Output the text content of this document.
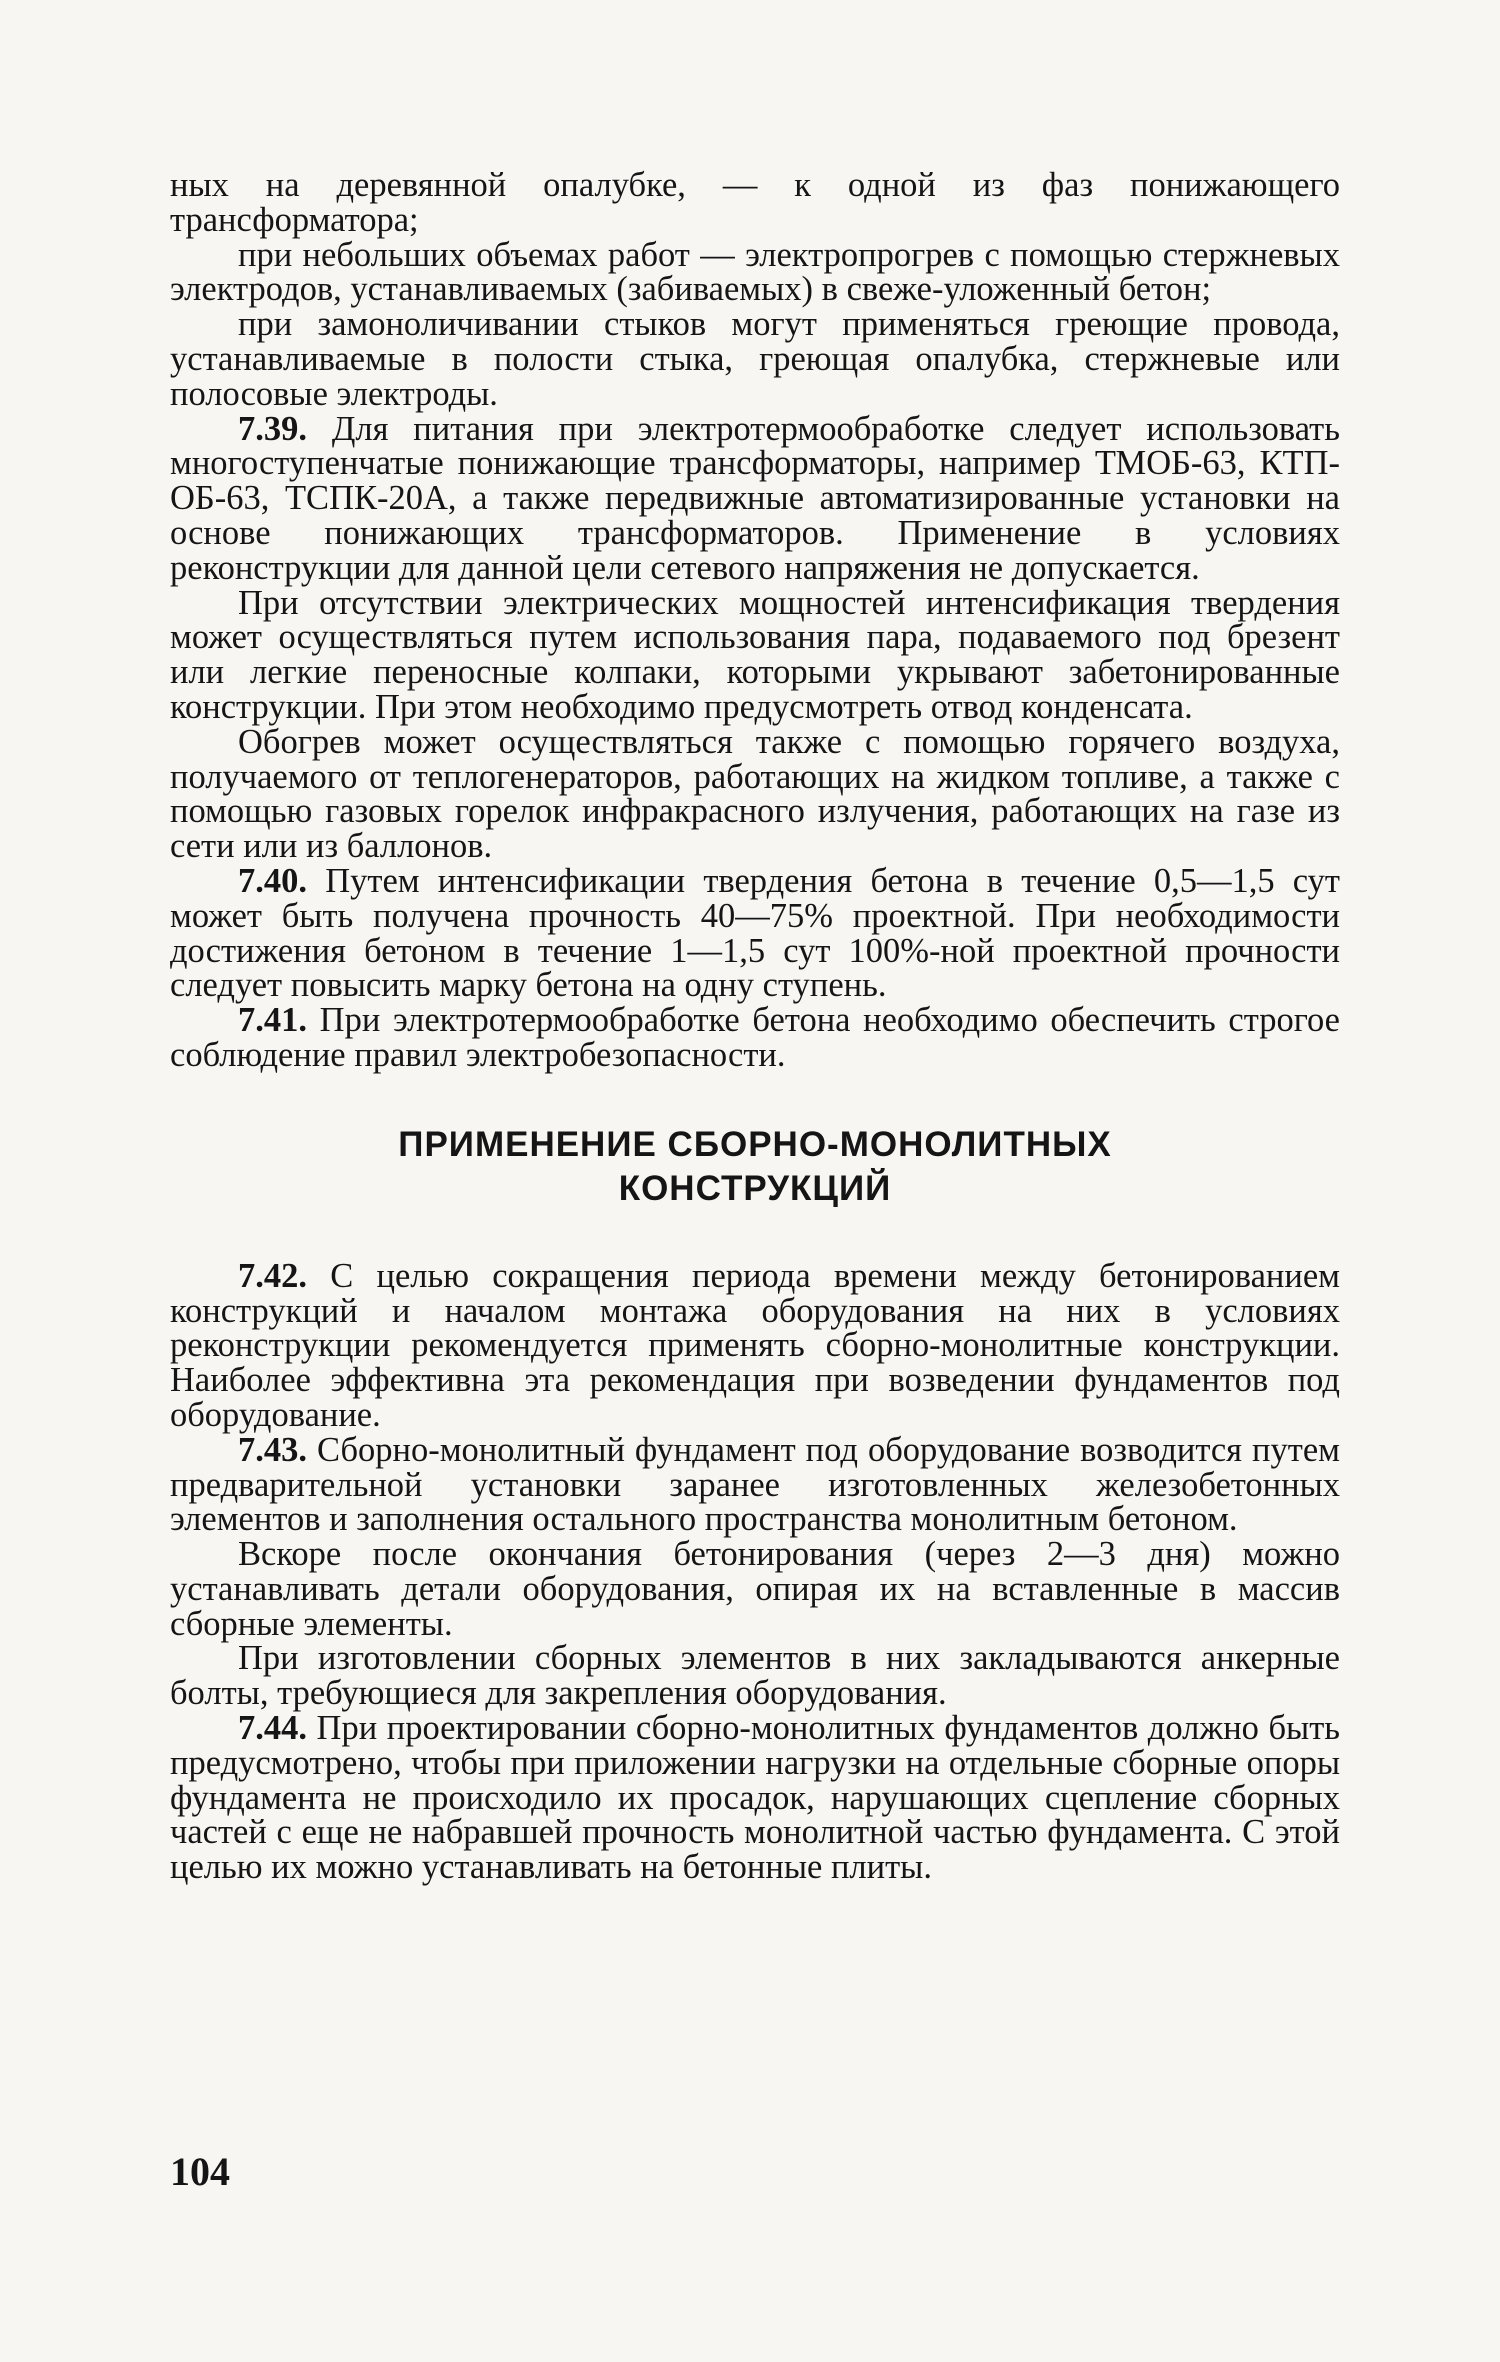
ных на деревянной опалубке, — к одной из фаз понижающего трансформатора;

при небольших объемах работ — электропрогрев с помощью стержневых электродов, устанавливаемых (забиваемых) в свеже-уложенный бетон;

при замоноличивании стыков могут применяться греющие провода, устанавливаемые в полости стыка, греющая опалубка, стержневые или полосовые электроды.

7.39. Для питания при электротермообработке следует использовать многоступенчатые понижающие трансформаторы, например ТМОБ-63, КТП-ОБ-63, ТСПК-20А, а также передвижные автоматизированные установки на основе понижающих трансформаторов. Применение в условиях реконструкции для данной цели сетевого напряжения не допускается.

При отсутствии электрических мощностей интенсификация твердения может осуществляться путем использования пара, подаваемого под брезент или легкие переносные колпаки, которыми укрывают забетонированные конструкции. При этом необходимо предусмотреть отвод конденсата.

Обогрев может осуществляться также с помощью горячего воздуха, получаемого от теплогенераторов, работающих на жидком топливе, а также с помощью газовых горелок инфракрасного излучения, работающих на газе из сети или из баллонов.

7.40. Путем интенсификации твердения бетона в течение 0,5—1,5 сут может быть получена прочность 40—75% проектной. При необходимости достижения бетоном в течение 1—1,5 сут 100%-ной проектной прочности следует повысить марку бетона на одну ступень.

7.41. При электротермообработке бетона необходимо обеспечить строгое соблюдение правил электробезопасности.

ПРИМЕНЕНИЕ СБОРНО-МОНОЛИТНЫХ
КОНСТРУКЦИЙ

7.42. С целью сокращения периода времени между бетонированием конструкций и началом монтажа оборудования на них в условиях реконструкции рекомендуется применять сборно-монолитные конструкции. Наиболее эффективна эта рекомендация при возведении фундаментов под оборудование.

7.43. Сборно-монолитный фундамент под оборудование возводится путем предварительной установки заранее изготовленных железобетонных элементов и заполнения остального пространства монолитным бетоном.

Вскоре после окончания бетонирования (через 2—3 дня) можно устанавливать детали оборудования, опирая их на вставленные в массив сборные элементы.

При изготовлении сборных элементов в них закладываются анкерные болты, требующиеся для закрепления оборудования.

7.44. При проектировании сборно-монолитных фундаментов должно быть предусмотрено, чтобы при приложении нагрузки на отдельные сборные опоры фундамента не происходило их просадок, нарушающих сцепление сборных частей с еще не набравшей прочность монолитной частью фундамента. С этой целью их можно устанавливать на бетонные плиты.

104
